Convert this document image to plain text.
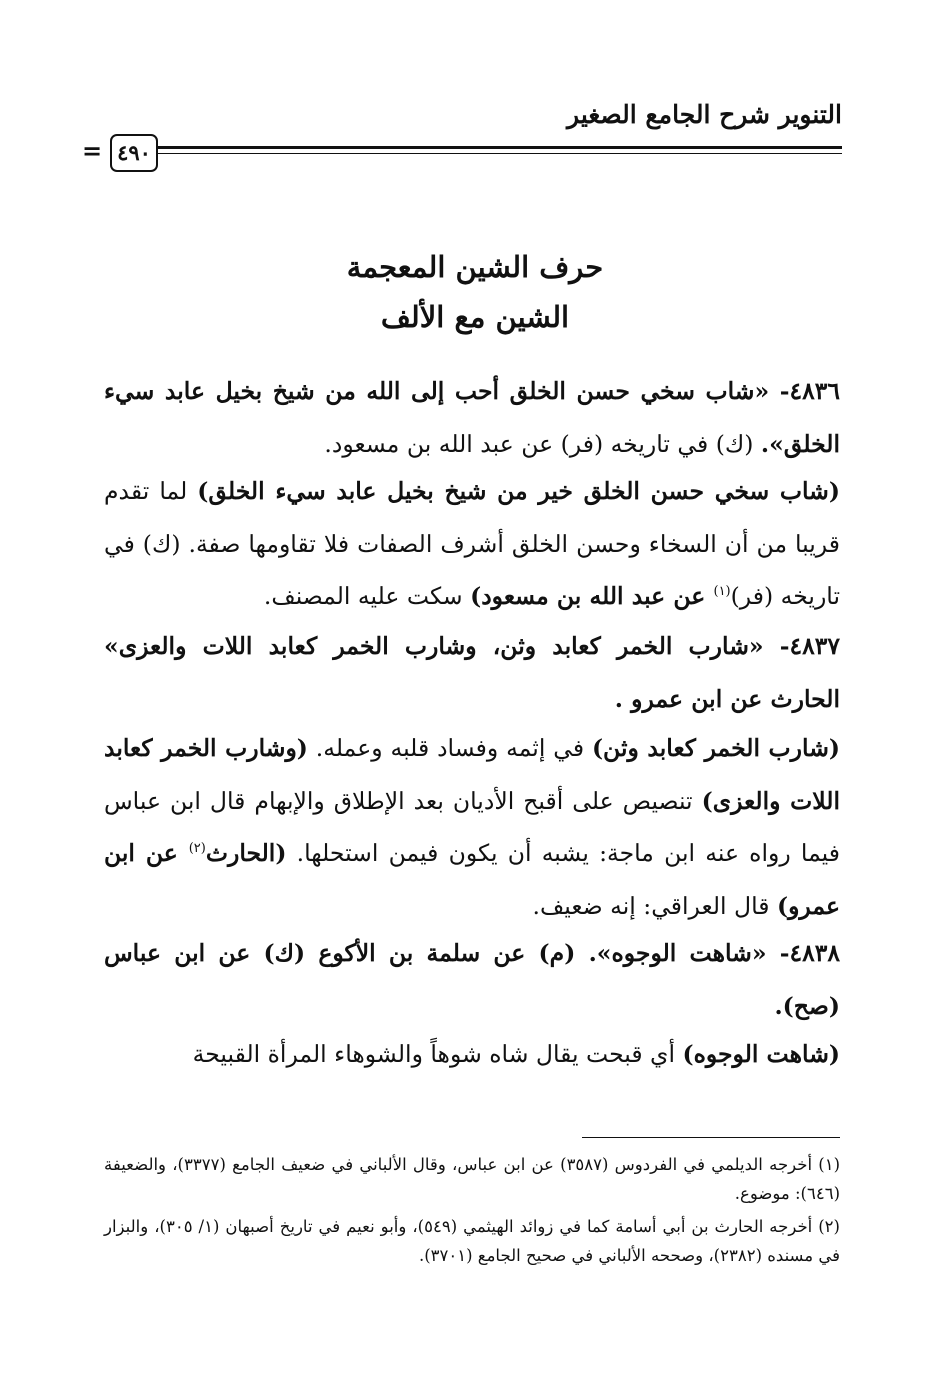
التنوير شرح الجامع الصغير
= ٤٩٠
حرف الشين المعجمة
الشين مع الألف
٤٨٣٦- «شاب سخي حسن الخلق أحب إلى الله من شيخ بخيل عابد سيء الخلق». (ك) في تاريخه (فر) عن عبد الله بن مسعود.
(شاب سخي حسن الخلق خير من شيخ بخيل عابد سيء الخلق) لما تقدم قريبا من أن السخاء وحسن الخلق أشرف الصفات فلا تقاومها صفة. (ك) في تاريخه (فر)$^{(١)}$ عن عبد الله بن مسعود) سكت عليه المصنف.
٤٨٣٧- «شارب الخمر كعابد وثن، وشارب الخمر كعابد اللات والعزى» الحارث عن ابن عمرو .
(شارب الخمر كعابد وثن) في إثمه وفساد قلبه وعمله. (وشارب الخمر كعابد اللات والعزى) تنصيص على أقبح الأديان بعد الإطلاق والإبهام قال ابن عباس فيما رواه عنه ابن ماجة: يشبه أن يكون فيمن استحلها. (الحارث$^{(٢)}$ عن ابن عمرو) قال العراقي: إنه ضعيف.
٤٨٣٨- «شاهت الوجوه». (م) عن سلمة بن الأكوع (ك) عن ابن عباس (صح).
(شاهت الوجوه) أي قبحت يقال شاه شوهاً والشوهاء المرأة القبيحة
(١) أخرجه الديلمي في الفردوس (٣٥٨٧) عن ابن عباس، وقال الألباني في ضعيف الجامع (٣٣٧٧)، والضعيفة (٦٤٦): موضوع.
(٢) أخرجه الحارث بن أبي أسامة كما في زوائد الهيثمي (٥٤٩)، وأبو نعيم في تاريخ أصبهان (١/ ٣٠٥)، والبزار في مسنده (٢٣٨٢)، وصححه الألباني في صحيح الجامع (٣٧٠١).
